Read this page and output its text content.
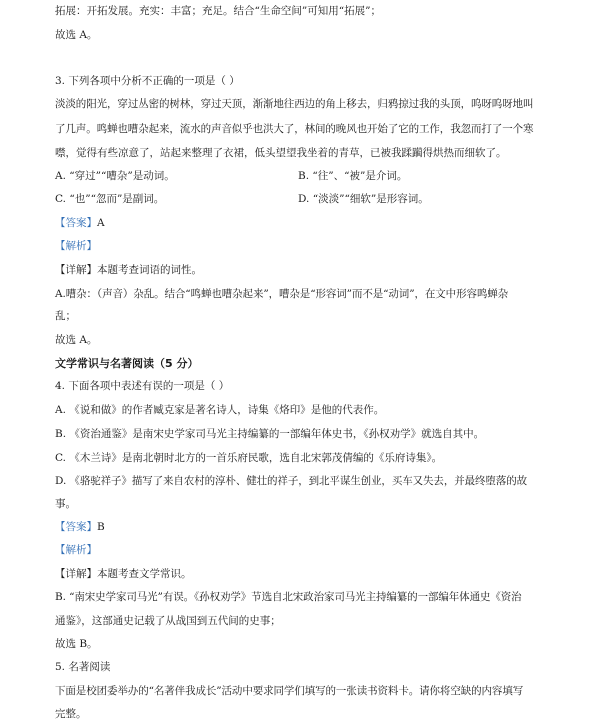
拓展：开拓发展。充实：丰富；充足。结合“生命空间”可知用“拓展”；
故选 A。
3. 下列各项中分析不正确的一项是（ ）
淡淡的阳光，穿过丛密的树林，穿过天顶，渐渐地往西边的角上移去，归鸦掠过我的头顶，呜呀呜呀地叫
了几声。鸣蝉也嘈杂起来，流水的声音似乎也洪大了，林间的晚风也开始了它的工作，我忽而打了一个寒
噤，觉得有些凉意了，站起来整理了衣裙，低头望望我坐着的青草，已被我蹂躏得烘热而细软了。
A. “穿过”“嘈杂”是动词。	B. “往”、“被”是介词。
C. “也”“忽而”是副词。	D. “淡淡”“细软”是形容词。
【答案】A
【解析】
【详解】本题考查词语的词性。
A.嘈杂：（声音）杂乱。结合“鸣蝉也嘈杂起来”，嘈杂是“形容词”而不是“动词”，在文中形容鸣蝉杂
乱；
故选 A。
文学常识与名著阅读（5 分）
4. 下面各项中表述有误的一项是（ ）
A. 《说和做》的作者臧克家是著名诗人，诗集《烙印》是他的代表作。
B. 《资治通鉴》是南宋史学家司马光主持编纂的一部编年体史书，《孙权劝学》就选自其中。
C. 《木兰诗》是南北朝时北方的一首乐府民歌，选自北宋郭茂倩编的《乐府诗集》。
D. 《骆驼祥子》描写了来自农村的淳朴、健壮的祥子，到北平谋生创业，买车又失去，并最终堕落的故
事。
【答案】B
【解析】
【详解】本题考查文学常识。
B. “南宋史学家司马光”有误。《孙权劝学》节选自北宋政治家司马光主持编纂的一部编年体通史《资治
通鉴》，这部通史记载了从战国到五代间的史事；
故选 B。
5. 名著阅读
下面是校团委举办的“名著伴我成长”活动中要求同学们填写的一张读书资料卡。请你将空缺的内容填写
完整。
